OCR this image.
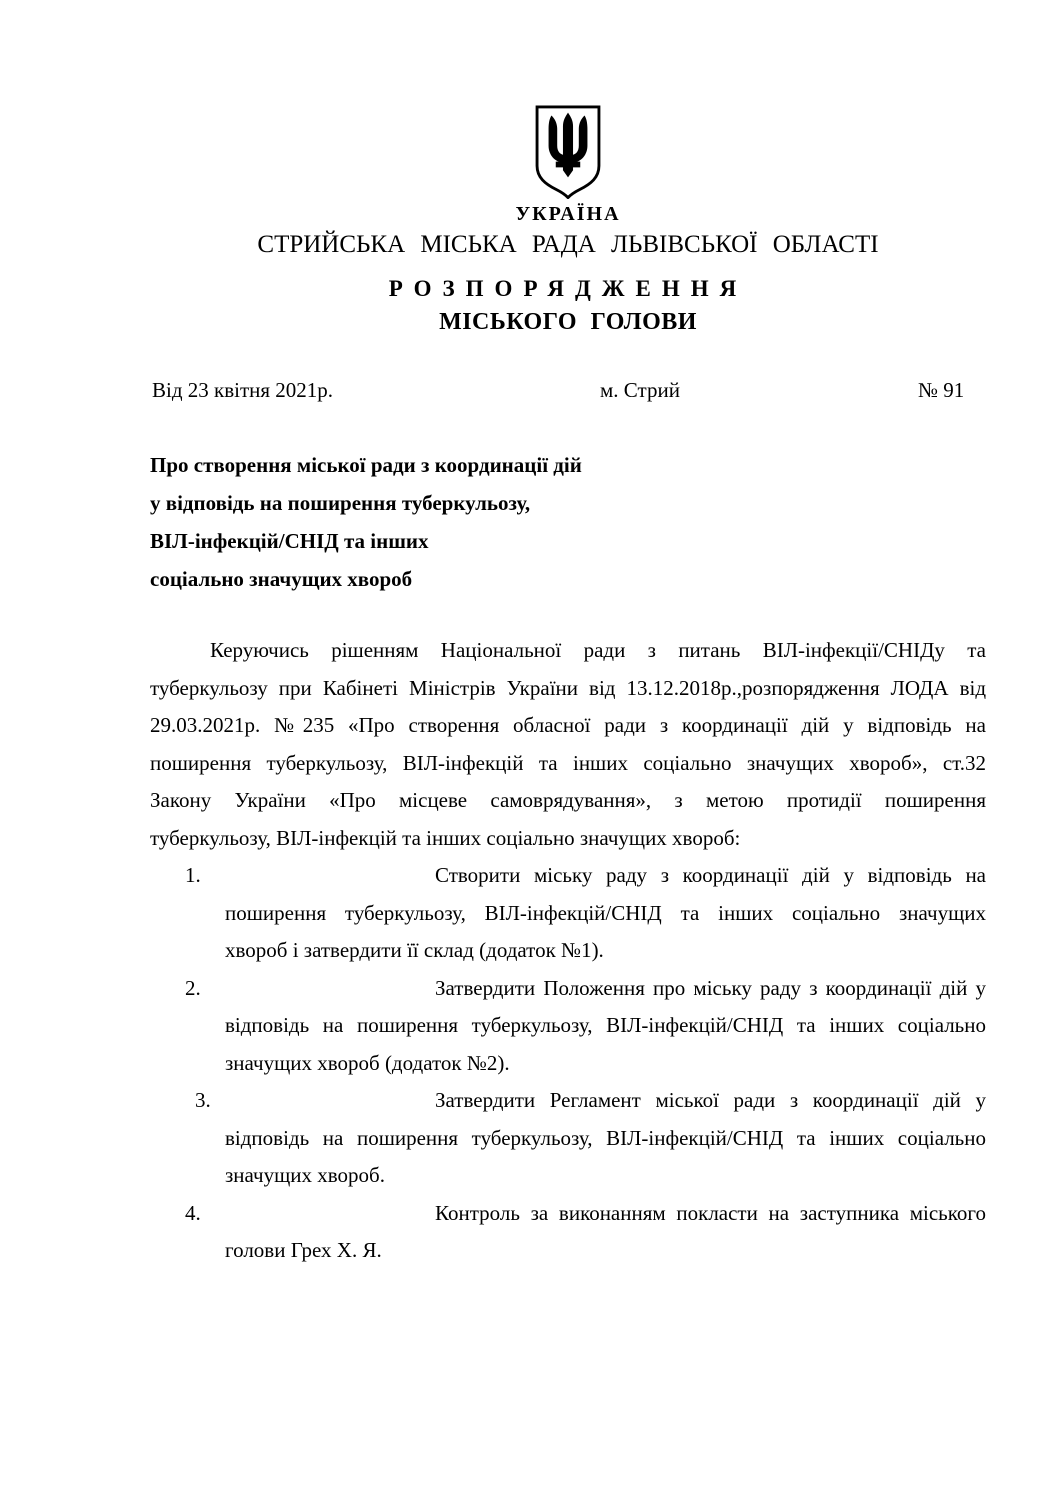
УКРАЇНА
СТРИЙСЬКА МІСЬКА РАДА ЛЬВІВСЬКОЇ ОБЛАСТІ
РОЗПОРЯДЖЕННЯ
МІСЬКОГО ГОЛОВИ
Від 23 квітня 2021р.	м. Стрий	№ 91
Про створення міської ради з координації дій
у відповідь на поширення туберкульозу,
ВІЛ-інфекцій/СНІД та інших
соціально значущих хвороб
Керуючись рішенням Національної ради з питань ВІЛ-інфекції/СНІДу та
туберкульозу при Кабінеті Міністрів України від 13.12.2018р.,розпорядження ЛОДА від
29.03.2021р. №235 «Про створення обласної ради з координації дій у відповідь на
поширення туберкульозу, ВІЛ-інфекцій та інших соціально значущих хвороб», ст.32
Закону України «Про місцеве самоврядування», з метою протидії поширення
туберкульозу, ВІЛ-інфекцій та інших соціально значущих хвороб:
1.	Створити міську раду з координації дій у відповідь на
поширення туберкульозу, ВІЛ-інфекцій/СНІД та інших соціально значущих
хвороб і затвердити її склад (додаток №1).
2.	Затвердити Положення про міську раду з координації дій у
відповідь на поширення туберкульозу, ВІЛ-інфекцій/СНІД та інших соціально
значущих хвороб (додаток №2).
3.	Затвердити Регламент міської ради з координації дій у
відповідь на поширення туберкульозу, ВІЛ-інфекцій/СНІД та інших соціально
значущих хвороб.
4.	Контроль за виконанням покласти на заступника міського
голови Грех Х. Я.
